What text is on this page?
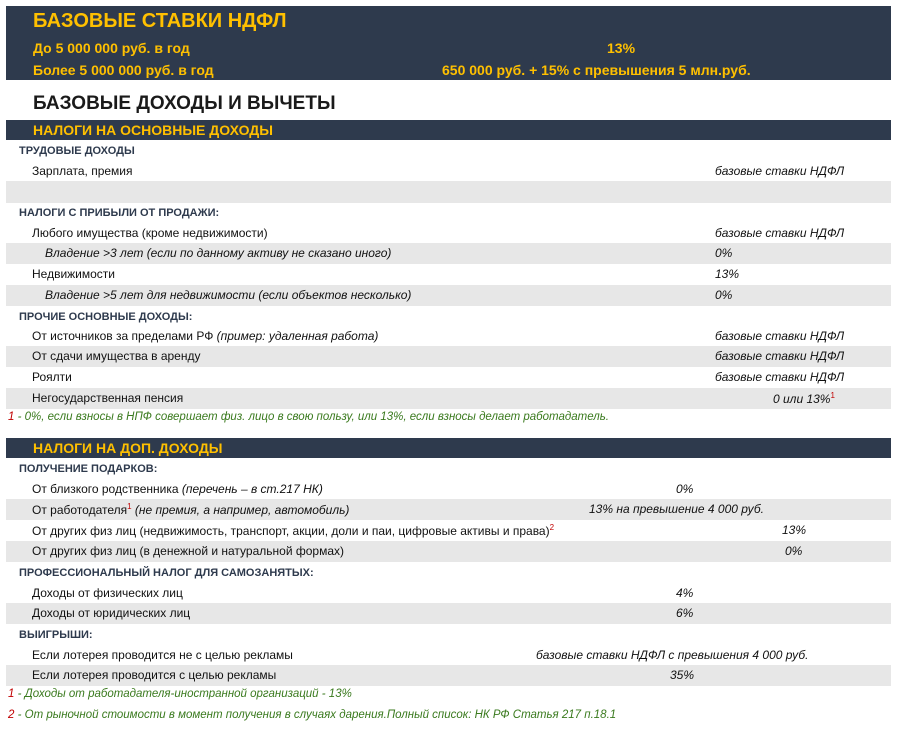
БАЗОВЫЕ СТАВКИ НДФЛ
До 5 000 000 руб. в год	13%
Более 5 000 000 руб. в год	650 000 руб. + 15% с превышения 5 млн.руб.
БАЗОВЫЕ ДОХОДЫ И ВЫЧЕТЫ
НАЛОГИ НА ОСНОВНЫЕ ДОХОДЫ
ТРУДОВЫЕ ДОХОДЫ
Зарплата, премия	базовые ставки НДФЛ
НАЛОГИ С ПРИБЫЛИ ОТ ПРОДАЖИ:
Любого имущества (кроме недвижимости)	базовые ставки НДФЛ
Владение >3 лет (если по данному активу не сказано иного)	0%
Недвижимости	13%
Владение >5 лет для недвижимости (если объектов несколько)	0%
ПРОЧИЕ ОСНОВНЫЕ ДОХОДЫ:
От источников за пределами РФ (пример: удаленная работа)	базовые ставки НДФЛ
От сдачи имущества в аренду	базовые ставки НДФЛ
Роялти	базовые ставки НДФЛ
Негосударственная пенсия	0 или 13%$^1$
1 - 0%, если взносы в НПФ совершает физ. лицо в свою пользу, или 13%, если взносы делает работадатель.
НАЛОГИ НА ДОП. ДОХОДЫ
ПОЛУЧЕНИЕ ПОДАРКОВ:
От близкого родственника (перечень – в ст.217 НК)	0%
От работодателя$^1$ (не премия, а например, автомобиль)	13% на превышение 4 000 руб.
От других физ лиц (недвижимость, транспорт, акции, доли и паи, цифровые активы и права)$^2$	13%
От других физ лиц (в денежной и натуральной формах)	0%
ПРОФЕССИОНАЛЬНЫЙ НАЛОГ ДЛЯ САМОЗАНЯТЫХ:
Доходы от физических лиц	4%
Доходы от юридических лиц	6%
ВЫИГРЫШИ:
Если лотерея проводится не с целью рекламы	базовые ставки НДФЛ с превышения 4 000 руб.
Если лотерея проводится с целью рекламы	35%
1 - Доходы от работадателя-иностранной организаций - 13%
2 - От рыночной стоимости в момент получения в случаях дарения.Полный список: НК РФ Статья 217 п.18.1
